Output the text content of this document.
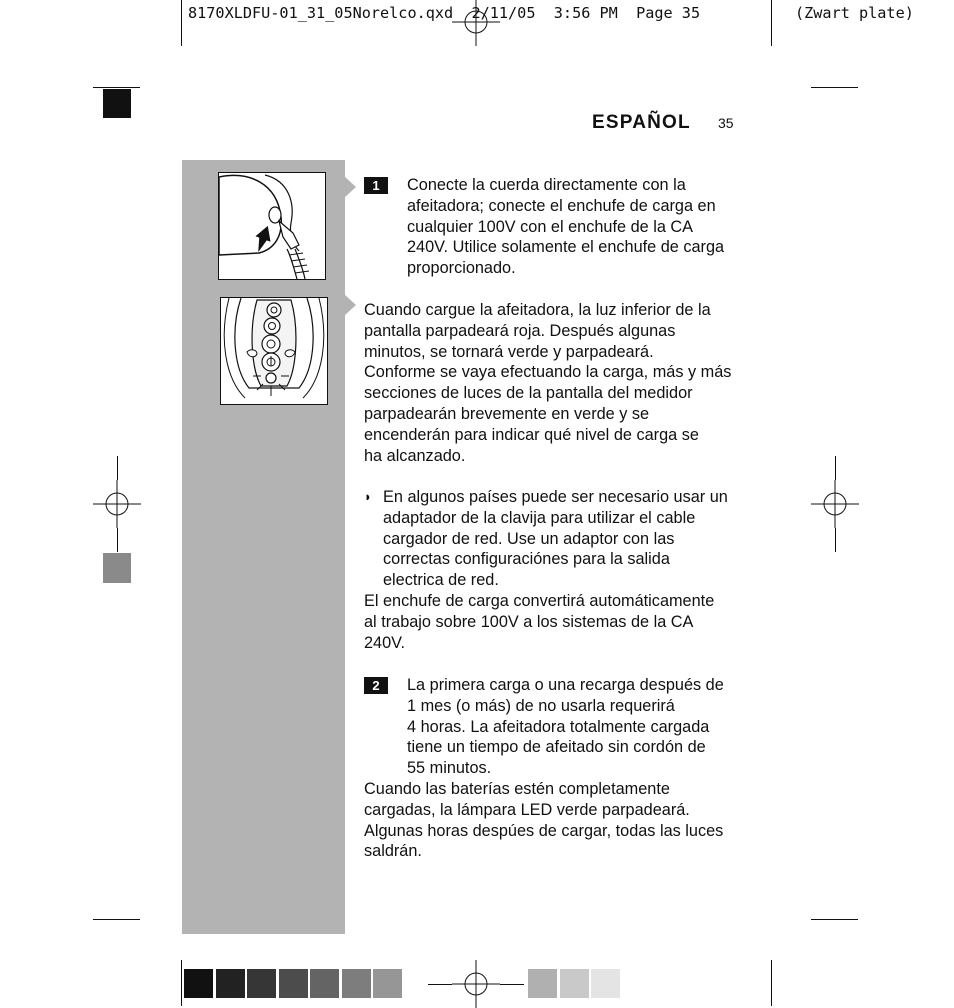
8170XLDFU-01_31_05Norelco.qxd 2/11/05 3:56 PM Page 35	(Zwart plate)
ESPAÑOL 35
1	Conecte la cuerda directamente con la
afeitadora; conecte el enchufe de carga en
cualquier 100V con el enchufe de la CA
240V. Utilice solamente el enchufe de carga
proporcionado.
Cuando cargue la afeitadora, la luz inferior de la
pantalla parpadeará roja. Después algunas
minutos, se tornará verde y parpadeará.
Conforme se vaya efectuando la carga, más y más
secciones de luces de la pantalla del medidor
parpadearán brevemente en verde y se
encenderán para indicar qué nivel de carga se
ha alcanzado.
◗ En algunos países puede ser necesario usar un
adaptador de la clavija para utilizar el cable
cargador de red. Use un adaptor con las
correctas configuraciónes para la salida
electrica de red.
El enchufe de carga convertirá automáticamente
al trabajo sobre 100V a los sistemas de la CA
240V.
2	La primera carga o una recarga después de
1 mes (o más) de no usarla requerirá
4 horas. La afeitadora totalmente cargada
tiene un tiempo de afeitado sin cordón de
55 minutos.
Cuando las baterías estén completamente
cargadas, la lámpara LED verde parpadeará.
Algunas horas despúes de cargar, todas las luces
saldrán.
